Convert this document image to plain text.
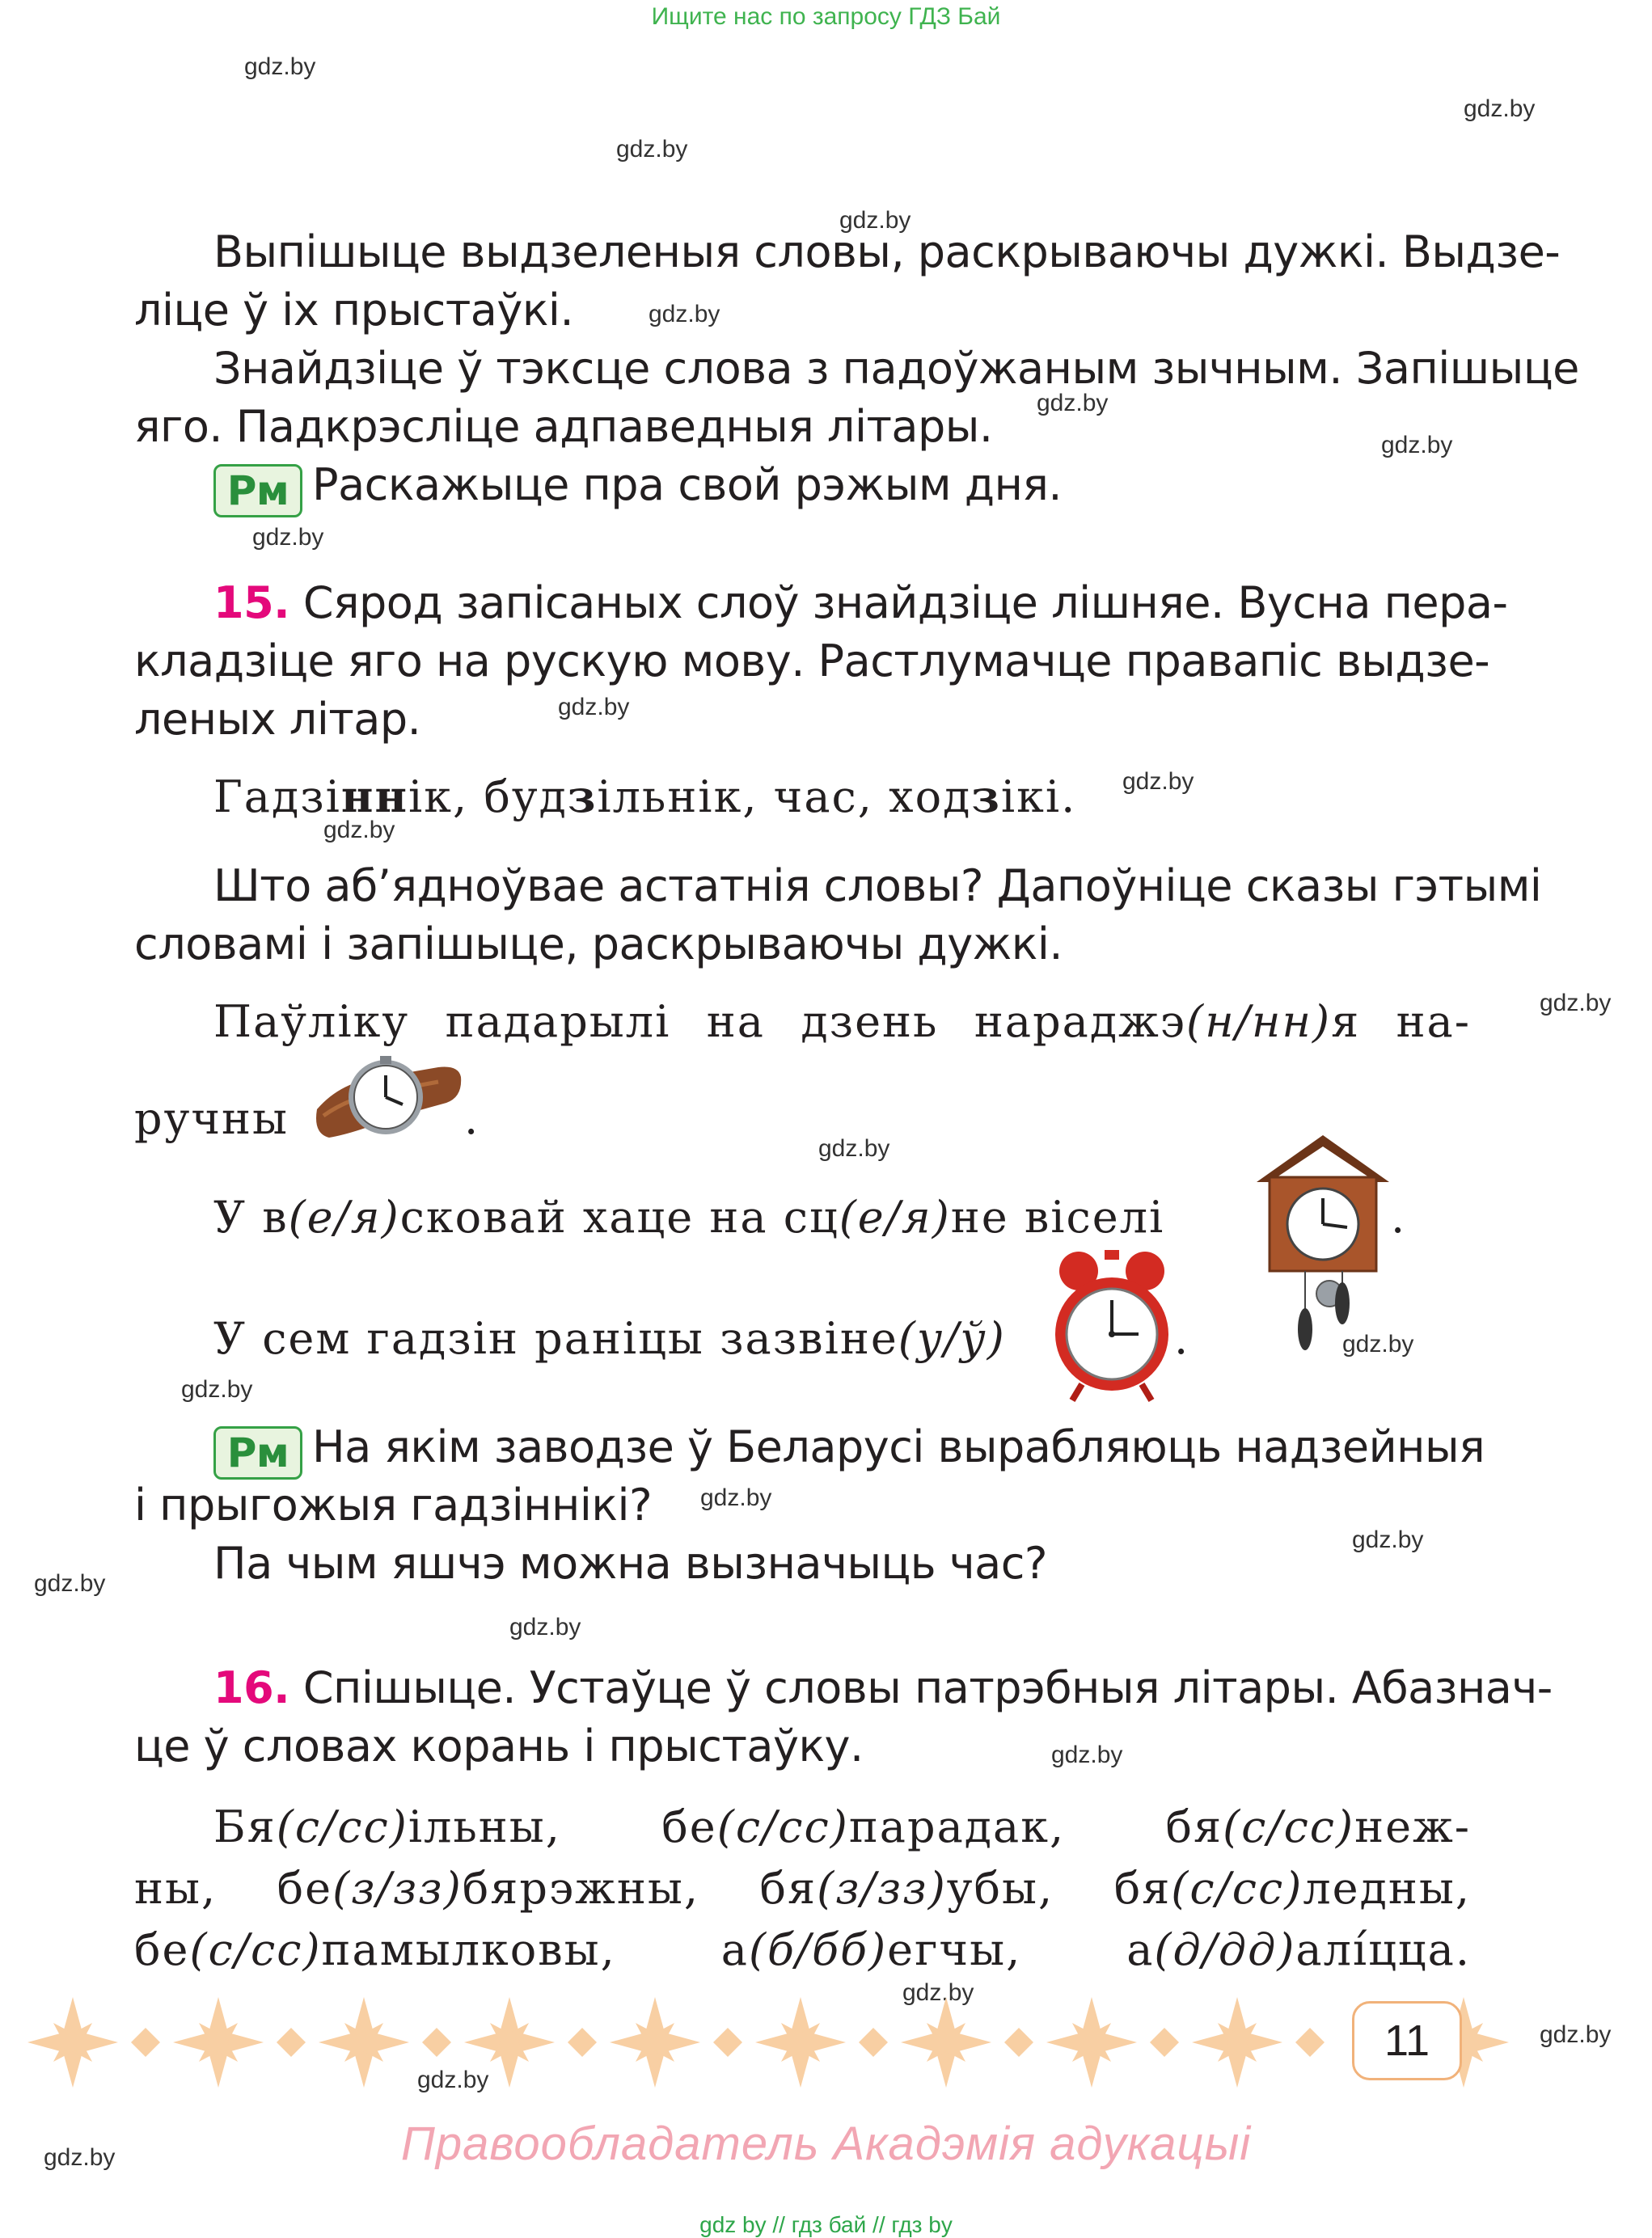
Ищите нас по запросу ГДЗ Бай
gdz.by
gdz.by
gdz.by
gdz.by
gdz.by
gdz.by
gdz.by
gdz.by
gdz.by
gdz.by
gdz.by
gdz.by
gdz.by
gdz.by
gdz.by
gdz.by
gdz.by
gdz.by
gdz.by
gdz.by
gdz.by
gdz.by
gdz.by
gdz.by
Выпішыце выдзеленыя словы, раскрываючы дужкі. Выдзе-
ліце ў іх прыстаўкі.
Знайдзіце ў тэксце слова з падоўжаным зычным. Запішыце
яго. Падкрэсліце адпаведныя літары.
Рм Раскажыце пра свой рэжым дня.
15. Сярод запісаных слоў знайдзіце лішняе. Вусна пера-
кладзіце яго на рускую мову. Растлумачце правапіс выдзе-
леных літар.
Гадзіннік, будзільнік, час, ходзікі.
Што аб’ядноўвае астатнія словы? Дапоўніце сказы гэтымі
словамі і запішыце, раскрываючы дужкі.
Паўліку падарылі на дзень нараджэ(н/нн)я на-
ручны	.
У в(е/я)сковай хаце на сц(е/я)не віселі	.
У сем гадзін раніцы зазвіне(у/ў)	.
Рм На якім заводзе ў Беларусі вырабляюць надзейныя
і прыгожыя гадзіннікі?
Па чым яшчэ можна вызначыць час?
16. Спішыце. Устаўце ў словы патрэбныя літары. Абазнач-
це ў словах корань і прыстаўку.
Бя(с/сс)ільны, бе(с/сс)парадак, бя(с/сс)неж-
ны, бе(з/зз)бярэжны, бя(з/зз)убы, бя(с/сс)ледны,
бе(с/сс)памылковы, а(б/бб)егчы, а(д/дд)алі́цца.
11
Правообладатель Акадэмія адукацыі
gdz by // гдз бай // гдз by
